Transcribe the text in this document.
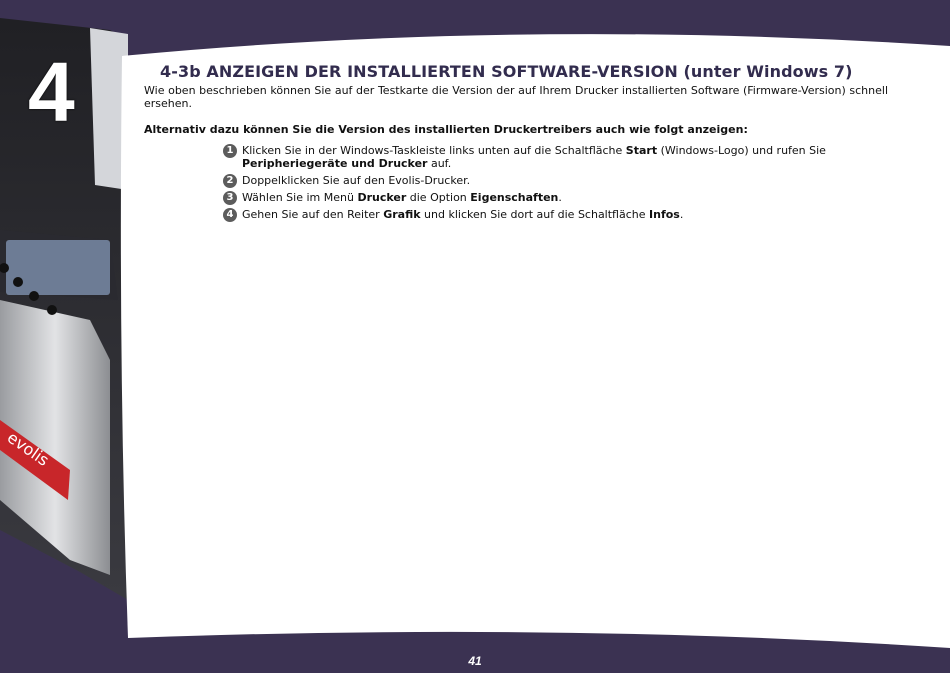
evolis
4	4-3b ANZEIGEN DER INSTALLIERTEN SOFTWARE-VERSION (unter Windows 7)

Wie oben beschrieben können Sie auf der Testkarte die Version der auf Ihrem Drucker installierten Software (Firmware-Version) schnell ersehen.

Alternativ dazu können Sie die Version des installierten Druckertreibers auch wie folgt anzeigen:

1 Klicken Sie in der Windows-Taskleiste links unten auf die Schaltfläche Start (Windows-Logo) und rufen Sie Peripheriegeräte und Drucker auf.
2 Doppelklicken Sie auf den Evolis-Drucker.
3 Wählen Sie im Menü Drucker die Option Eigenschaften.
4 Gehen Sie auf den Reiter Grafik und klicken Sie dort auf die Schaltfläche Infos.
41
